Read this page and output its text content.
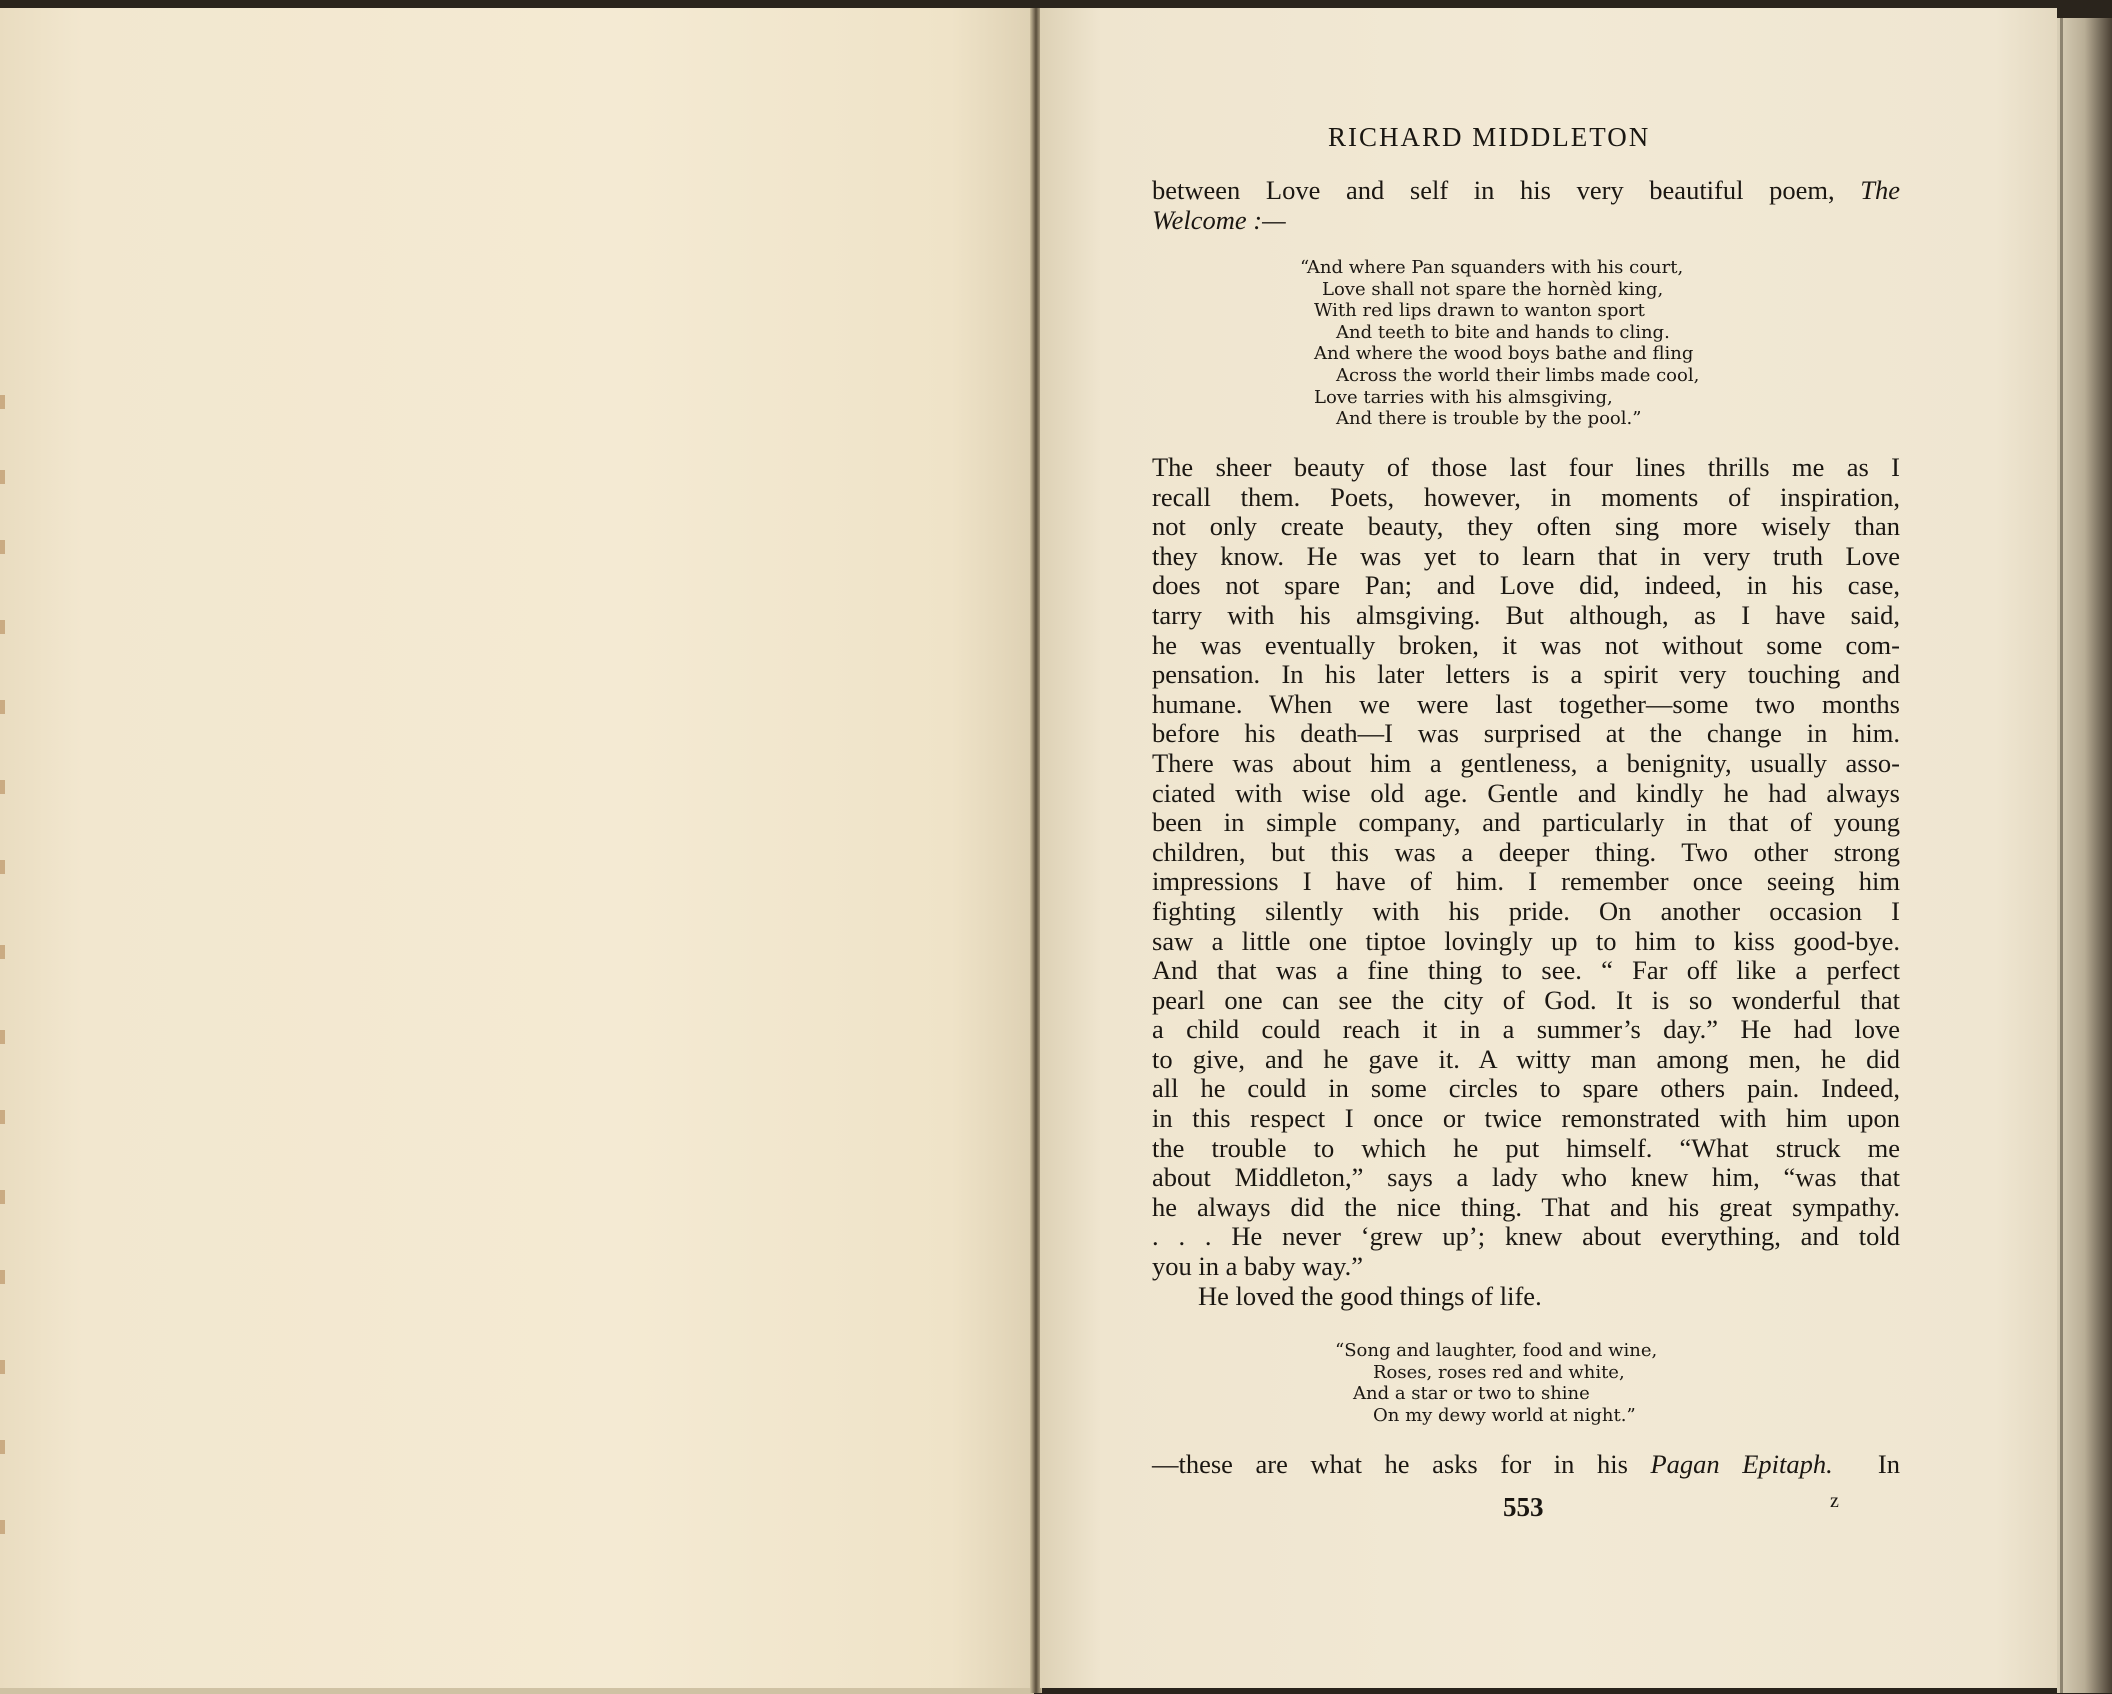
RICHARD MIDDLETON
between Love and self in his very beautiful poem, The
Welcome :—
“And where Pan squanders with his court,
Love shall not spare the hornèd king,
With red lips drawn to wanton sport
And teeth to bite and hands to cling.
And where the wood boys bathe and fling
Across the world their limbs made cool,
Love tarries with his almsgiving,
And there is trouble by the pool.”
The sheer beauty of those last four lines thrills me as I
recall them. Poets, however, in moments of inspiration,
not only create beauty, they often sing more wisely than
they know. He was yet to learn that in very truth Love
does not spare Pan; and Love did, indeed, in his case,
tarry with his almsgiving. But although, as I have said,
he was eventually broken, it was not without some com-
pensation. In his later letters is a spirit very touching and
humane. When we were last together—some two months
before his death—I was surprised at the change in him.
There was about him a gentleness, a benignity, usually asso-
ciated with wise old age. Gentle and kindly he had always
been in simple company, and particularly in that of young
children, but this was a deeper thing. Two other strong
impressions I have of him. I remember once seeing him
fighting silently with his pride. On another occasion I
saw a little one tiptoe lovingly up to him to kiss good-bye.
And that was a fine thing to see. “ Far off like a perfect
pearl one can see the city of God. It is so wonderful that
a child could reach it in a summer’s day.” He had love
to give, and he gave it. A witty man among men, he did
all he could in some circles to spare others pain. Indeed,
in this respect I once or twice remonstrated with him upon
the trouble to which he put himself. “What struck me
about Middleton,” says a lady who knew him, “was that
he always did the nice thing. That and his great sympathy.
. . . He never ‘grew up’; knew about everything, and told
you in a baby way.”
He loved the good things of life.
“Song and laughter, food and wine,
Roses, roses red and white,
And a star or two to shine
On my dewy world at night.”
—these are what he asks for in his Pagan Epitaph. In
553	z
